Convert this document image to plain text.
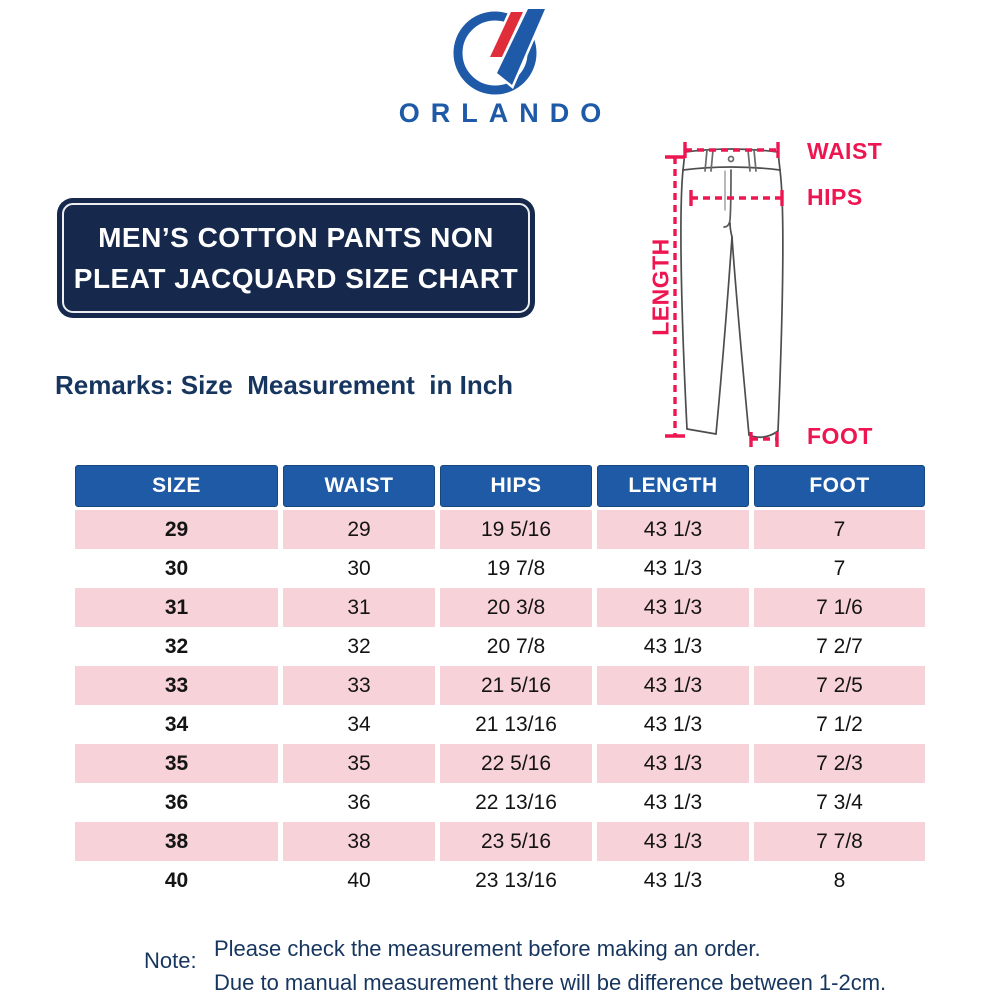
ORLANDO
MEN’S COTTON PANTS NON
PLEAT JACQUARD SIZE CHART
Remarks: Size  Measurement  in Inch
WAIST
HIPS
LENGTH
FOOT
SIZE	WAIST	HIPS	LENGTH	FOOT
29	29	19 5/16	43 1/3	7
30	30	19 7/8	43 1/3	7
31	31	20 3/8	43 1/3	7 1/6
32	32	20 7/8	43 1/3	7 2/7
33	33	21 5/16	43 1/3	7 2/5
34	34	21 13/16	43 1/3	7 1/2
35	35	22 5/16	43 1/3	7 2/3
36	36	22 13/16	43 1/3	7 3/4
38	38	23 5/16	43 1/3	7 7/8
40	40	23 13/16	43 1/3	8
Note: Please check the measurement before making an order.
Due to manual measurement there will be difference between 1-2cm.
